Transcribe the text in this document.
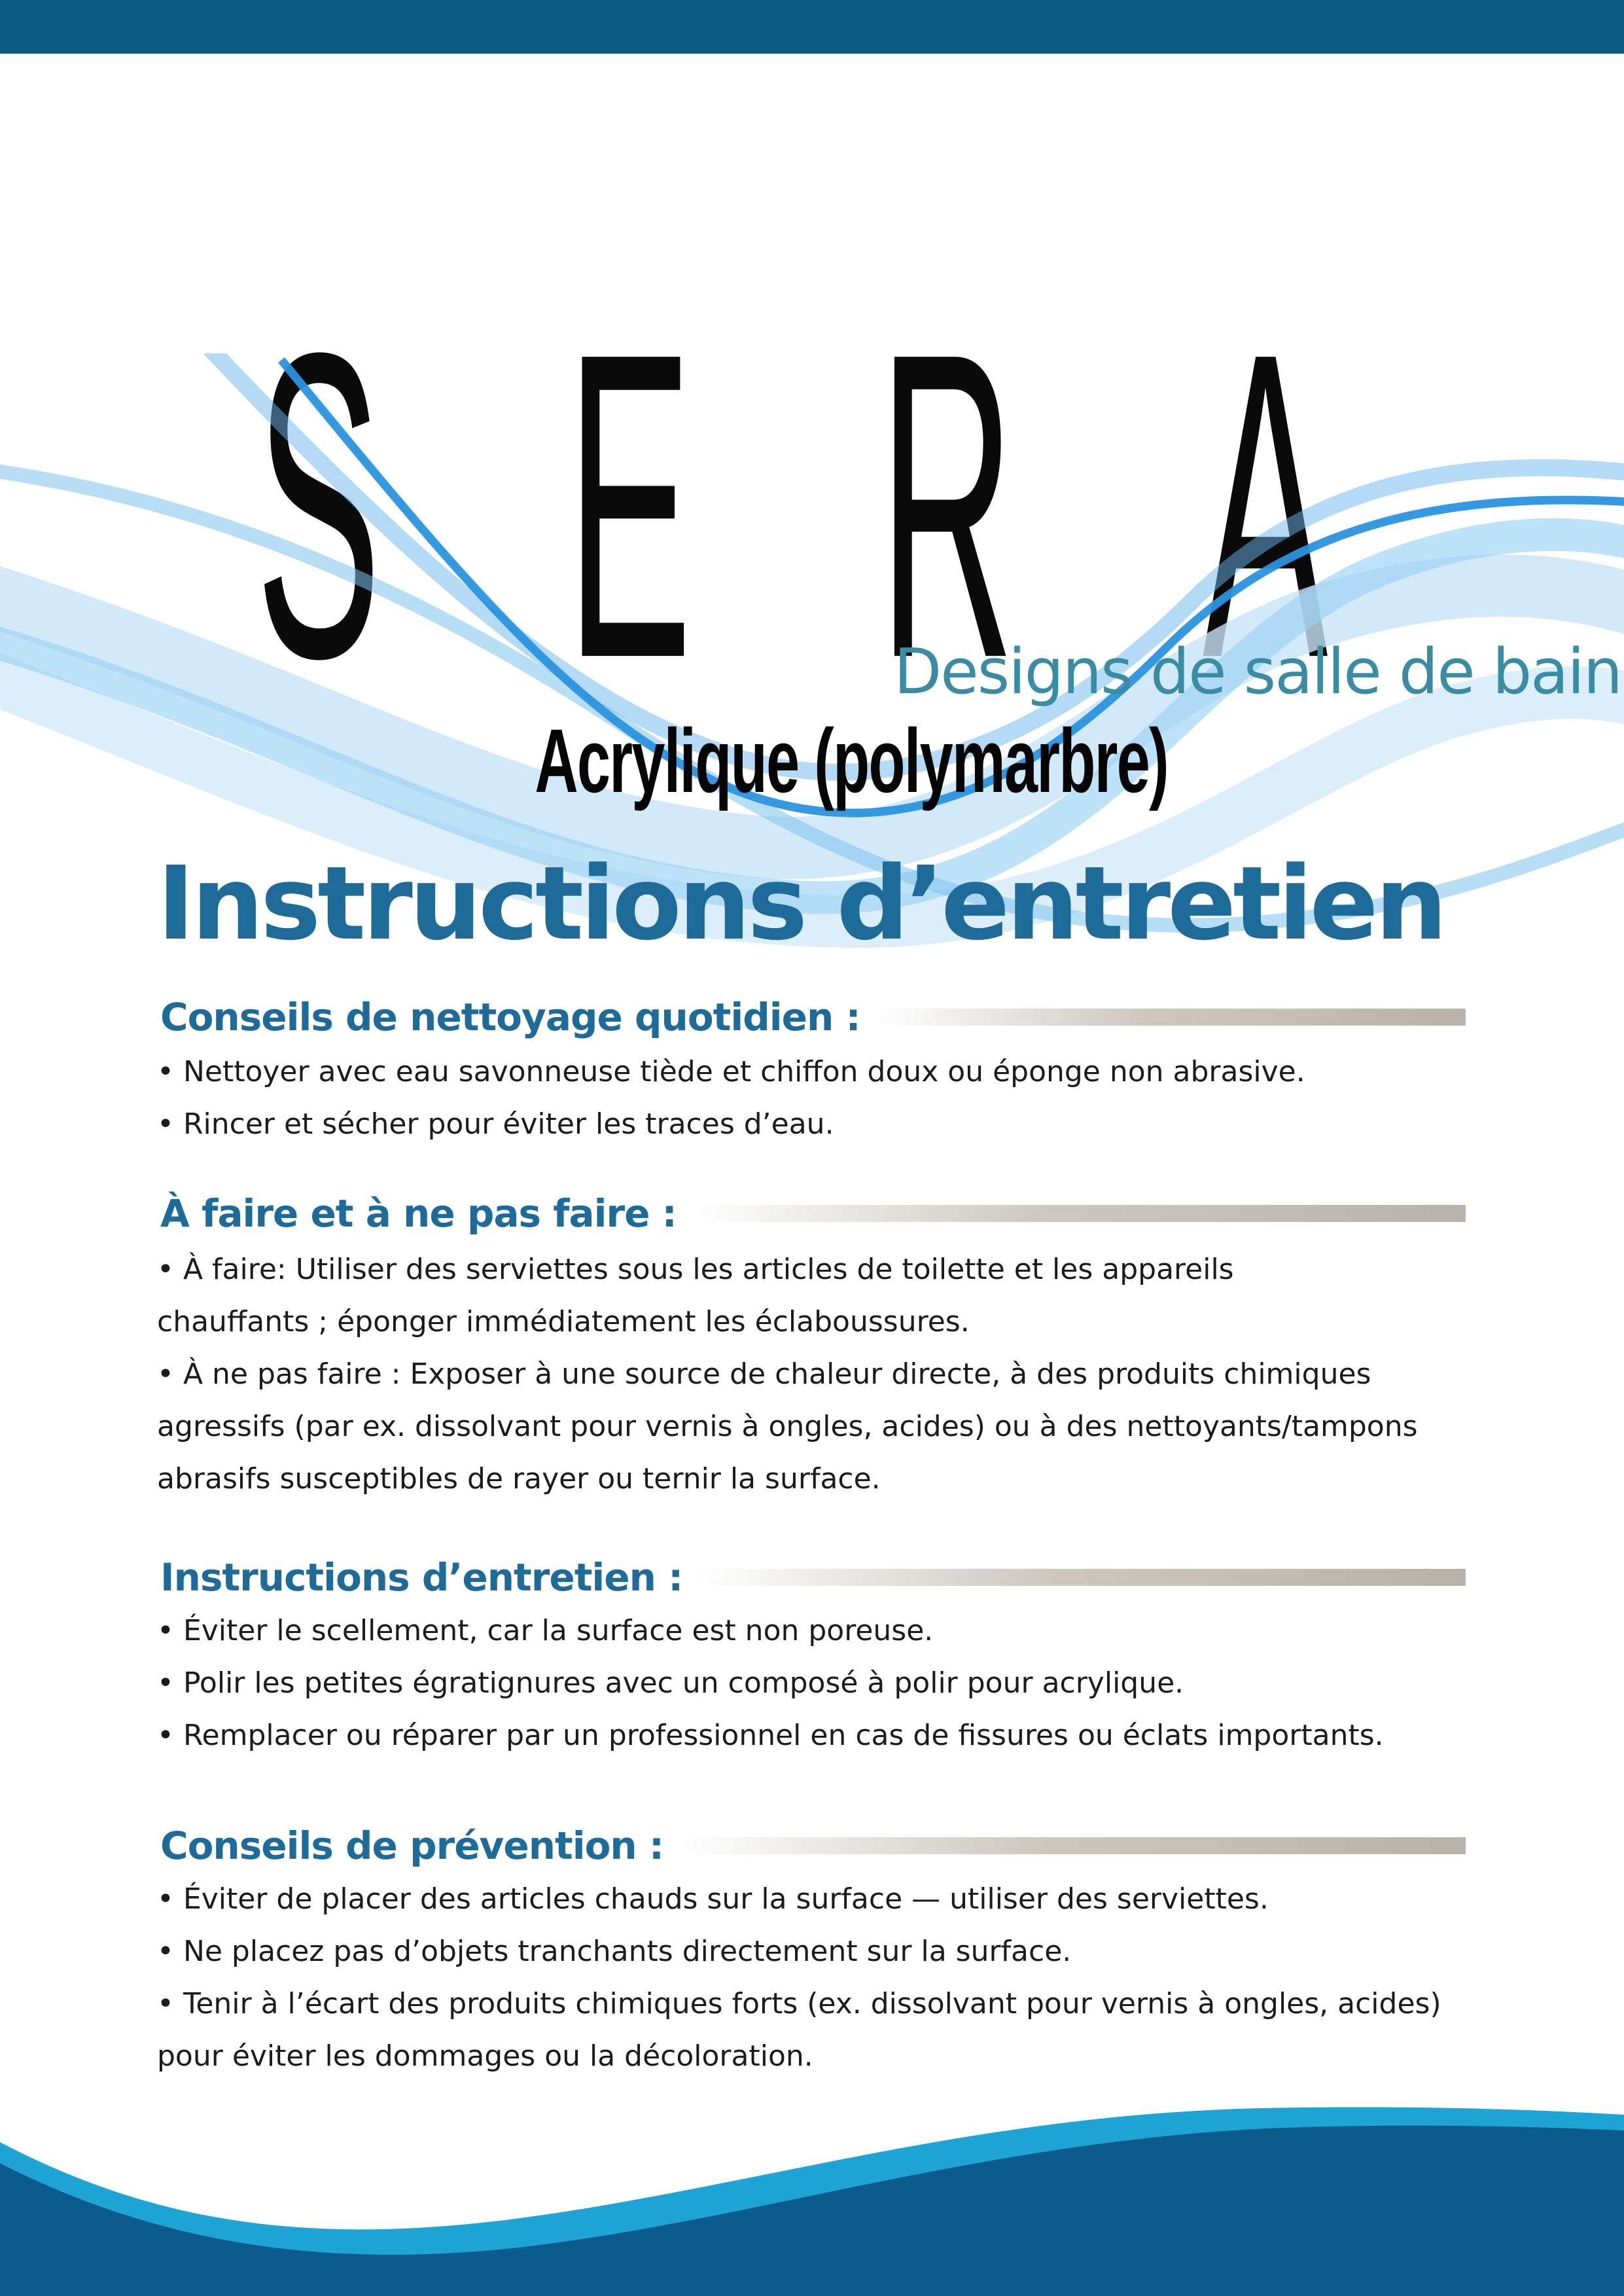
S E R A
Designs de salle de bain
Acrylique (polymarbre)
Instructions d’entretien
Conseils de nettoyage quotidien :
• Nettoyer avec eau savonneuse tiède et chiffon doux ou éponge non abrasive.
• Rincer et sécher pour éviter les traces d’eau.
À faire et à ne pas faire :
• À faire: Utiliser des serviettes sous les articles de toilette et les appareils
chauffants ; éponger immédiatement les éclaboussures.
• À ne pas faire : Exposer à une source de chaleur directe, à des produits chimiques
agressifs (par ex. dissolvant pour vernis à ongles, acides) ou à des nettoyants/tampons
abrasifs susceptibles de rayer ou ternir la surface.
Instructions d’entretien :
• Éviter le scellement, car la surface est non poreuse.
• Polir les petites égratignures avec un composé à polir pour acrylique.
• Remplacer ou réparer par un professionnel en cas de fissures ou éclats importants.
Conseils de prévention :
• Éviter de placer des articles chauds sur la surface — utiliser des serviettes.
• Ne placez pas d’objets tranchants directement sur la surface.
• Tenir à l’écart des produits chimiques forts (ex. dissolvant pour vernis à ongles, acides)
pour éviter les dommages ou la décoloration.
